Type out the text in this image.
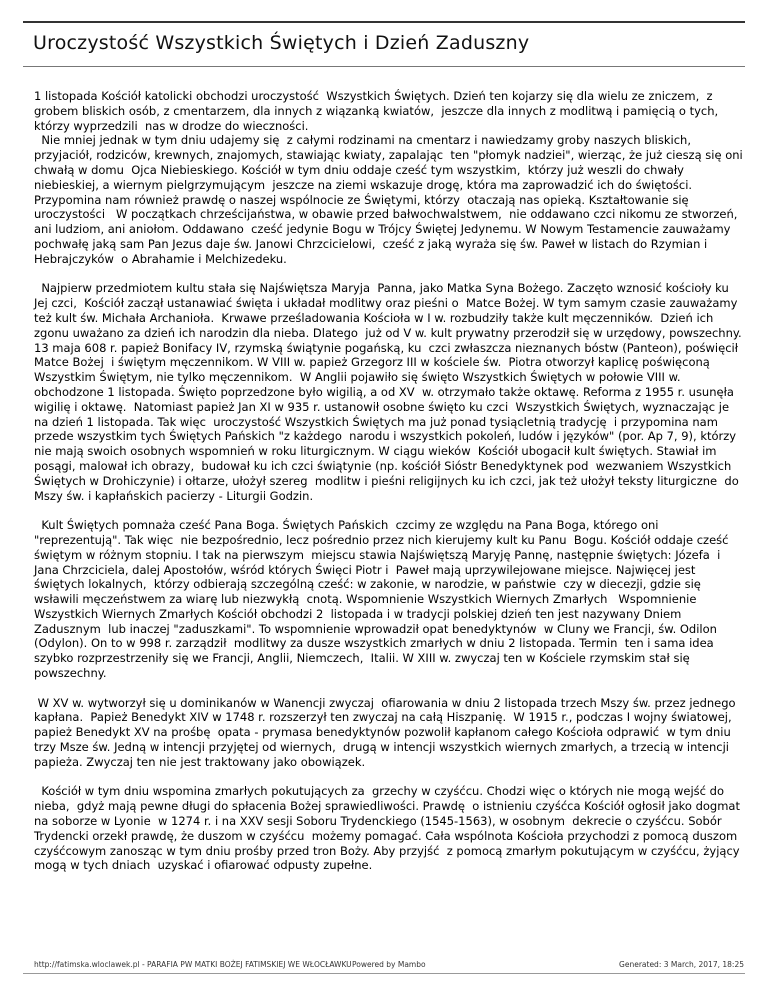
Uroczystość Wszystkich Świętych i Dzień Zaduszny

1 listopada Kościół katolicki obchodzi uroczystość  Wszystkich Świętych. Dzień ten kojarzy się dla wielu ze zniczem,  z grobem bliskich osób, z cmentarzem, dla innych z wiązanką kwiatów,  jeszcze dla innych z modlitwą i pamięcią o tych, którzy wyprzedzili  nas w drodze do wieczności.
Nie mniej jednak w tym dniu udajemy się  z całymi rodzinami na cmentarz i nawiedzamy groby naszych bliskich,  przyjaciół, rodziców, krewnych, znajomych, stawiając kwiaty, zapalając  ten "płomyk nadziei", wierząc, że już cieszą się oni chwałą w domu  Ojca Niebieskiego. Kościół w tym dniu oddaje cześć tym wszystkim,  którzy już weszli do chwały niebieskiej, a wiernym pielgrzymującym  jeszcze na ziemi wskazuje drogę, która ma zaprowadzić ich do świętości.  Przypomina nam również prawdę o naszej wspólnocie ze Świętymi, którzy  otaczają nas opieką. Kształtowanie się uroczystości   W początkach chrześcijaństwa, w obawie przed bałwochwalstwem,  nie oddawano czci nikomu ze stworzeń, ani ludziom, ani aniołom. Oddawano  cześć jedynie Bogu w Trójcy Świętej Jedynemu. W Nowym Testamencie zauważamy pochwałę jaką sam Pan Jezus daje św. Janowi Chrzcicielowi,  cześć z jaką wyraża się św. Paweł w listach do Rzymian i Hebrajczyków  o Abrahamie i Melchizedeku.

Najpierw przedmiotem kultu stała się Najświętsza Maryja  Panna, jako Matka Syna Bożego. Zaczęto wznosić kościoły ku Jej czci,  Kościół zaczął ustanawiać święta i układał modlitwy oraz pieśni o  Matce Bożej. W tym samym czasie zauważamy też kult św. Michała Archanioła.  Krwawe prześladowania Kościoła w I w. rozbudziły także kult męczenników.  Dzień ich zgonu uważano za dzień ich narodzin dla nieba. Dlatego  już od V w. kult prywatny przerodził się w urzędowy, powszechny.  13 maja 608 r. papież Bonifacy IV, rzymską świątynie pogańską, ku  czci zwłaszcza nieznanych bóstw (Panteon), poświęcił Matce Bożej  i świętym męczennikom. W VIII w. papież Grzegorz III w kościele św.  Piotra otworzył kaplicę poświęconą Wszystkim Świętym, nie tylko męczennikom.  W Anglii pojawiło się święto Wszystkich Świętych w połowie VIII w.  obchodzone 1 listopada. Święto poprzedzone było wigilią, a od XV  w. otrzymało także oktawę. Reforma z 1955 r. usunęła wigilię i oktawę.  Natomiast papież Jan XI w 935 r. ustanowił osobne święto ku czci  Wszystkich Świętych, wyznaczając je na dzień 1 listopada. Tak więc  uroczystość Wszystkich Świętych ma już ponad tysiącletnią tradycję  i przypomina nam przede wszystkim tych Świętych Pańskich "z każdego  narodu i wszystkich pokoleń, ludów i języków" (por. Ap 7, 9), którzy  nie mają swoich osobnych wspomnień w roku liturgicznym. W ciągu wieków  Kościół ubogacił kult świętych. Stawiał im posągi, malował ich obrazy,  budował ku ich czci świątynie (np. kościół Sióstr Benedyktynek pod  wezwaniem Wszystkich Świętych w Drohiczynie) i ołtarze, ułożył szereg  modlitw i pieśni religijnych ku ich czci, jak też ułożył teksty liturgiczne  do Mszy św. i kapłańskich pacierzy - Liturgii Godzin.

Kult Świętych pomnaża cześć Pana Boga. Świętych Pańskich  czcimy ze względu na Pana Boga, którego oni "reprezentują". Tak więc  nie bezpośrednio, lecz pośrednio przez nich kierujemy kult ku Panu  Bogu. Kościół oddaje cześć świętym w różnym stopniu. I tak na pierwszym  miejscu stawia Najświętszą Maryję Pannę, następnie świętych: Józefa  i Jana Chrzciciela, dalej Apostołów, wśród których Święci Piotr i  Paweł mają uprzywilejowane miejsce. Najwięcej jest świętych lokalnych,  którzy odbierają szczególną cześć: w zakonie, w narodzie, w państwie  czy w diecezji, gdzie się wsławili męczeństwem za wiarę lub niezwykłą  cnotą. Wspomnienie Wszystkich Wiernych Zmarłych   Wspomnienie Wszystkich Wiernych Zmarłych Kościół obchodzi 2  listopada i w tradycji polskiej dzień ten jest nazywany Dniem Zadusznym  lub inaczej "zaduszkami". To wspomnienie wprowadził opat benedyktynów  w Cluny we Francji, św. Odilon (Odylon). On to w 998 r. zarządził  modlitwy za dusze wszystkich zmarłych w dniu 2 listopada. Termin  ten i sama idea szybko rozprzestrzeniły się we Francji, Anglii, Niemczech,  Italii. W XIII w. zwyczaj ten w Kościele rzymskim stał się powszechny.

W XV w. wytworzył się u dominikanów w Wanencji zwyczaj  ofiarowania w dniu 2 listopada trzech Mszy św. przez jednego kapłana.  Papież Benedykt XIV w 1748 r. rozszerzył ten zwyczaj na całą Hiszpanię.  W 1915 r., podczas I wojny światowej, papież Benedykt XV na prośbę  opata - prymasa benedyktynów pozwolił kapłanom całego Kościoła odprawić  w tym dniu trzy Msze św. Jedną w intencji przyjętej od wiernych,  drugą w intencji wszystkich wiernych zmarłych, a trzecią w intencji  papieża. Zwyczaj ten nie jest traktowany jako obowiązek.

Kościół w tym dniu wspomina zmarłych pokutujących za  grzechy w czyśćcu. Chodzi więc o których nie mogą wejść do nieba,  gdyż mają pewne długi do spłacenia Bożej sprawiedliwości. Prawdę  o istnieniu czyśćca Kościół ogłosił jako dogmat na soborze w Lyonie  w 1274 r. i na XXV sesji Soboru Trydenckiego (1545-1563), w osobnym  dekrecie o czyśćcu. Sobór Trydencki orzekł prawdę, że duszom w czyśćcu  możemy pomagać. Cała wspólnota Kościoła przychodzi z pomocą duszom  czyśćcowym zanosząc w tym dniu prośby przed tron Boży. Aby przyjść  z pomocą zmarłym pokutującym w czyśćcu, żyjący mogą w tych dniach  uzyskać i ofiarować odpusty zupełne.

http://fatimska.wloclawek.pl - PARAFIA PW MATKI BOŻEJ FATIMSKIEJ WE WŁOCŁAWKU Powered by Mambo	Generated: 3 March, 2017, 18:25
